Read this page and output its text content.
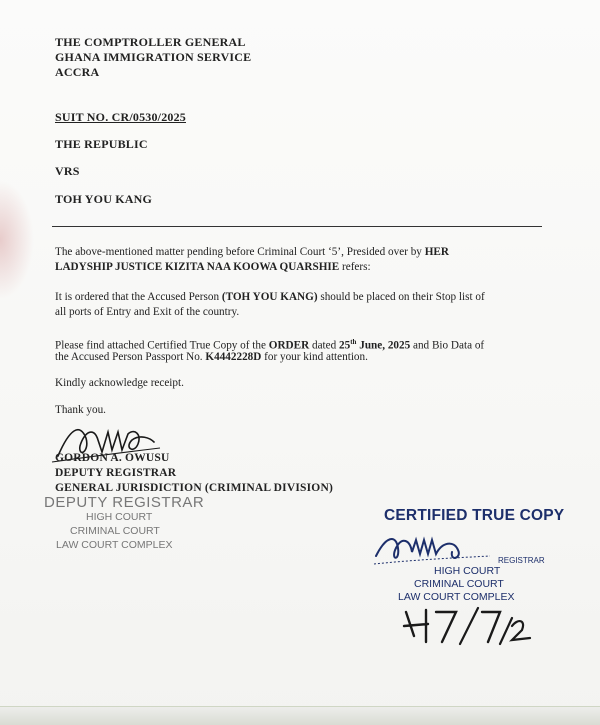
THE COMPTROLLER GENERAL
GHANA IMMIGRATION SERVICE
ACCRA
SUIT NO. CR/0530/2025
THE REPUBLIC
VRS
TOH YOU KANG
The above-mentioned matter pending before Criminal Court ‘5’, Presided over by HER
LADYSHIP JUSTICE KIZITA NAA KOOWA QUARSHIE refers:
It is ordered that the Accused Person (TOH YOU KANG) should be placed on their Stop list of
all ports of Entry and Exit of the country.
Please find attached Certified True Copy of the ORDER dated 25th June, 2025 and Bio Data of
the Accused Person Passport No. K4442228D for your kind attention.
Kindly acknowledge receipt.
Thank you.
GORDON A. OWUSU
DEPUTY REGISTRAR
GENERAL JURISDICTION (CRIMINAL DIVISION)
DEPUTY REGISTRAR
HIGH COURT
CRIMINAL COURT
LAW COURT COMPLEX
CERTIFIED TRUE COPY
REGISTRAR
HIGH COURT
CRIMINAL COURT
LAW COURT COMPLEX
